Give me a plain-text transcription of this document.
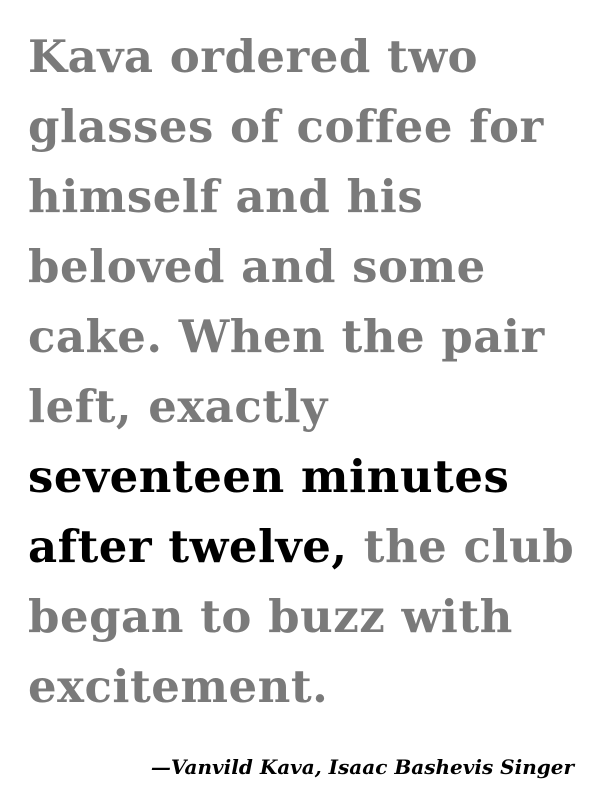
Kava ordered two glasses of coffee for himself and his beloved and some cake. When the pair left, exactly seventeen minutes after twelve, the club began to buzz with excitement.

—Vanvild Kava, Isaac Bashevis Singer
